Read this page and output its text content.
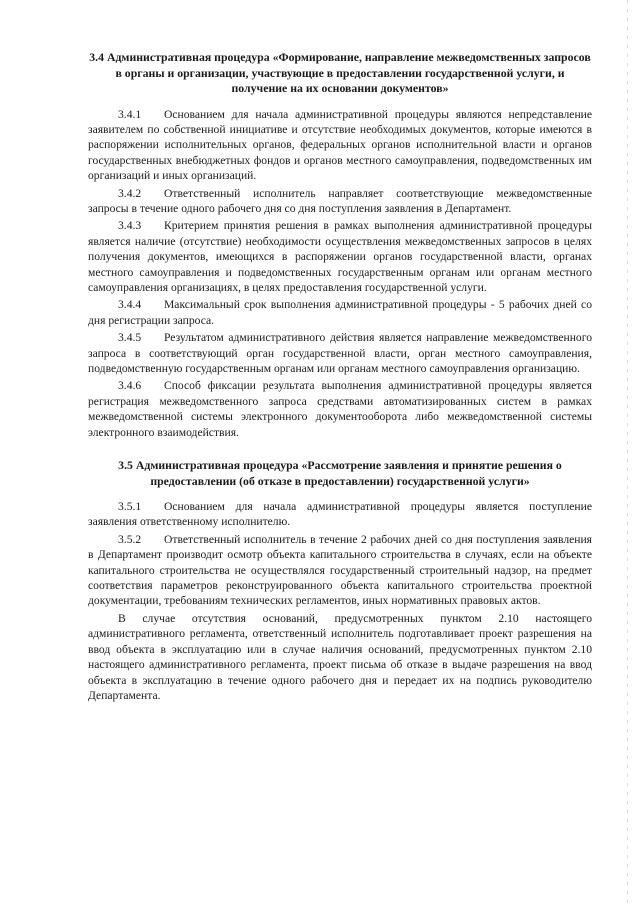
3.4 Административная процедура «Формирование, направление межведомственных запросов в органы и организации, участвующие в предоставлении государственной услуги, и получение на их основании документов»
3.4.1 Основанием для начала административной процедуры являются непредставление заявителем по собственной инициативе и отсутствие необходимых документов, которые имеются в распоряжении исполнительных органов, федеральных органов исполнительной власти и органов государственных внебюджетных фондов и органов местного самоуправления, подведомственных им организаций и иных организаций.
3.4.2 Ответственный исполнитель направляет соответствующие межведомственные запросы в течение одного рабочего дня со дня поступления заявления в Департамент.
3.4.3 Критерием принятия решения в рамках выполнения административной процедуры является наличие (отсутствие) необходимости осуществления межведомственных запросов в целях получения документов, имеющихся в распоряжении органов государственной власти, органах местного самоуправления и подведомственных государственным органам или органам местного самоуправления организациях, в целях предоставления государственной услуги.
3.4.4 Максимальный срок выполнения административной процедуры - 5 рабочих дней со дня регистрации запроса.
3.4.5 Результатом административного действия является направление межведомственного запроса в соответствующий орган государственной власти, орган местного самоуправления, подведомственную государственным органам или органам местного самоуправления организацию.
3.4.6 Способ фиксации результата выполнения административной процедуры является регистрация межведомственного запроса средствами автоматизированных систем в рамках межведомственной системы электронного документооборота либо межведомственной системы электронного взаимодействия.
3.5 Административная процедура «Рассмотрение заявления и принятие решения о предоставлении (об отказе в предоставлении) государственной услуги»
3.5.1 Основанием для начала административной процедуры является поступление заявления ответственному исполнителю.
3.5.2 Ответственный исполнитель в течение 2 рабочих дней со дня поступления заявления в Департамент производит осмотр объекта капитального строительства в случаях, если на объекте капитального строительства не осуществлялся государственный строительный надзор, на предмет соответствия параметров реконструированного объекта капитального строительства проектной документации, требованиям технических регламентов, иных нормативных правовых актов.
В случае отсутствия оснований, предусмотренных пунктом 2.10 настоящего административного регламента, ответственный исполнитель подготавливает проект разрешения на ввод объекта в эксплуатацию или в случае наличия оснований, предусмотренных пунктом 2.10 настоящего административного регламента, проект письма об отказе в выдаче разрешения на ввод объекта в эксплуатацию в течение одного рабочего дня и передает их на подпись руководителю Департамента.
